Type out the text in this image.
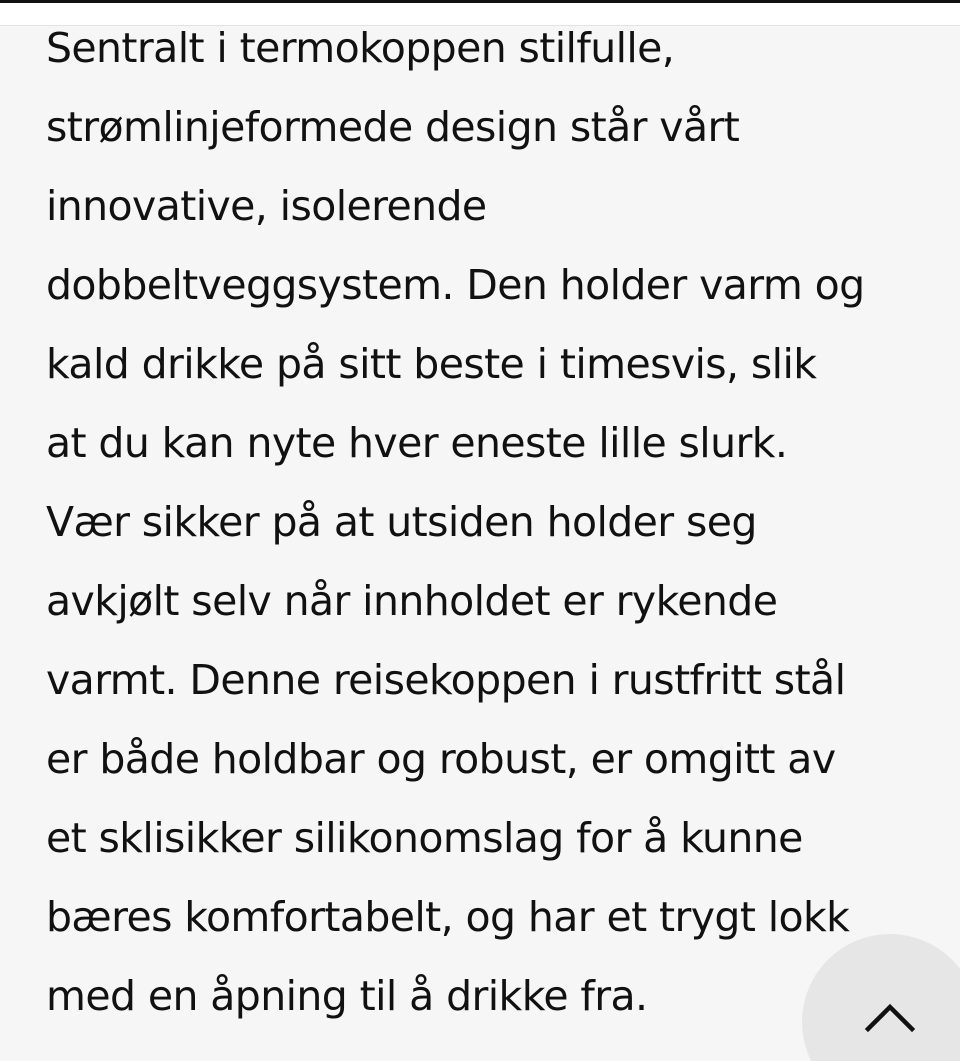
Sentralt i termokoppen stilfulle,
strømlinjeformede design står vårt
innovative, isolerende
dobbeltveggsystem. Den holder varm og
kald drikke på sitt beste i timesvis, slik
at du kan nyte hver eneste lille slurk.
Vær sikker på at utsiden holder seg
avkjølt selv når innholdet er rykende
varmt. Denne reisekoppen i rustfritt stål
er både holdbar og robust, er omgitt av
et sklisikker silikonomslag for å kunne
bæres komfortabelt, og har et trygt lokk
med en åpning til å drikke fra.
